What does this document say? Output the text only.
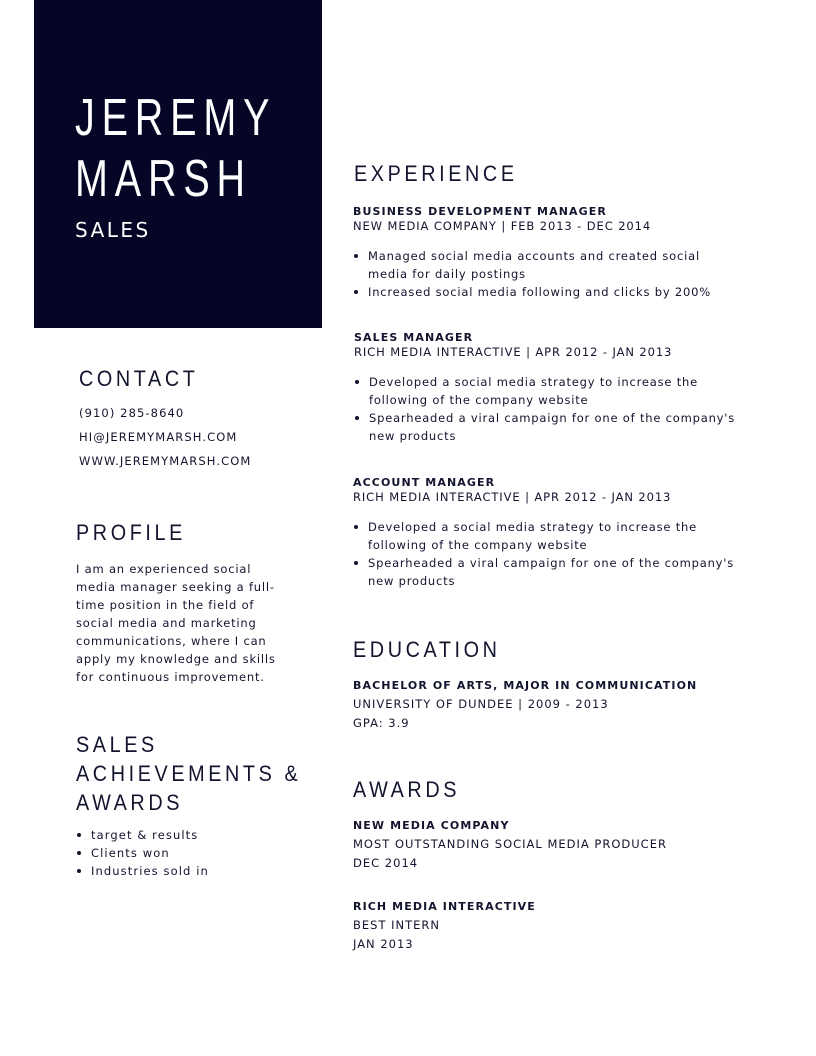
JEREMY
MARSH
SALES
CONTACT
(910) 285-8640
HI@JEREMYMARSH.COM
WWW.JEREMYMARSH.COM
PROFILE

I am an experienced social media manager seeking a full-time position in the field of social media and marketing communications, where I can apply my knowledge and skills for continuous improvement.

SALES
ACHIEVEMENTS &
AWARDS
target & results
Clients won
Industries sold in
EXPERIENCE
BUSINESS DEVELOPMENT MANAGER
NEW MEDIA COMPANY | FEB 2013 - DEC 2014
Managed social media accounts and created social media for daily postings
Increased social media following and clicks by 200%
SALES MANAGER
RICH MEDIA INTERACTIVE | APR 2012 - JAN 2013
Developed a social media strategy to increase the following of the company website
Spearheaded a viral campaign for one of the company's new products
ACCOUNT MANAGER
RICH MEDIA INTERACTIVE | APR 2012 - JAN 2013
Developed a social media strategy to increase the following of the company website
Spearheaded a viral campaign for one of the company's new products
EDUCATION
BACHELOR OF ARTS, MAJOR IN COMMUNICATION
UNIVERSITY OF DUNDEE | 2009 - 2013
GPA: 3.9
AWARDS
NEW MEDIA COMPANY
MOST OUTSTANDING SOCIAL MEDIA PRODUCER
DEC 2014
RICH MEDIA INTERACTIVE
BEST INTERN
JAN 2013
